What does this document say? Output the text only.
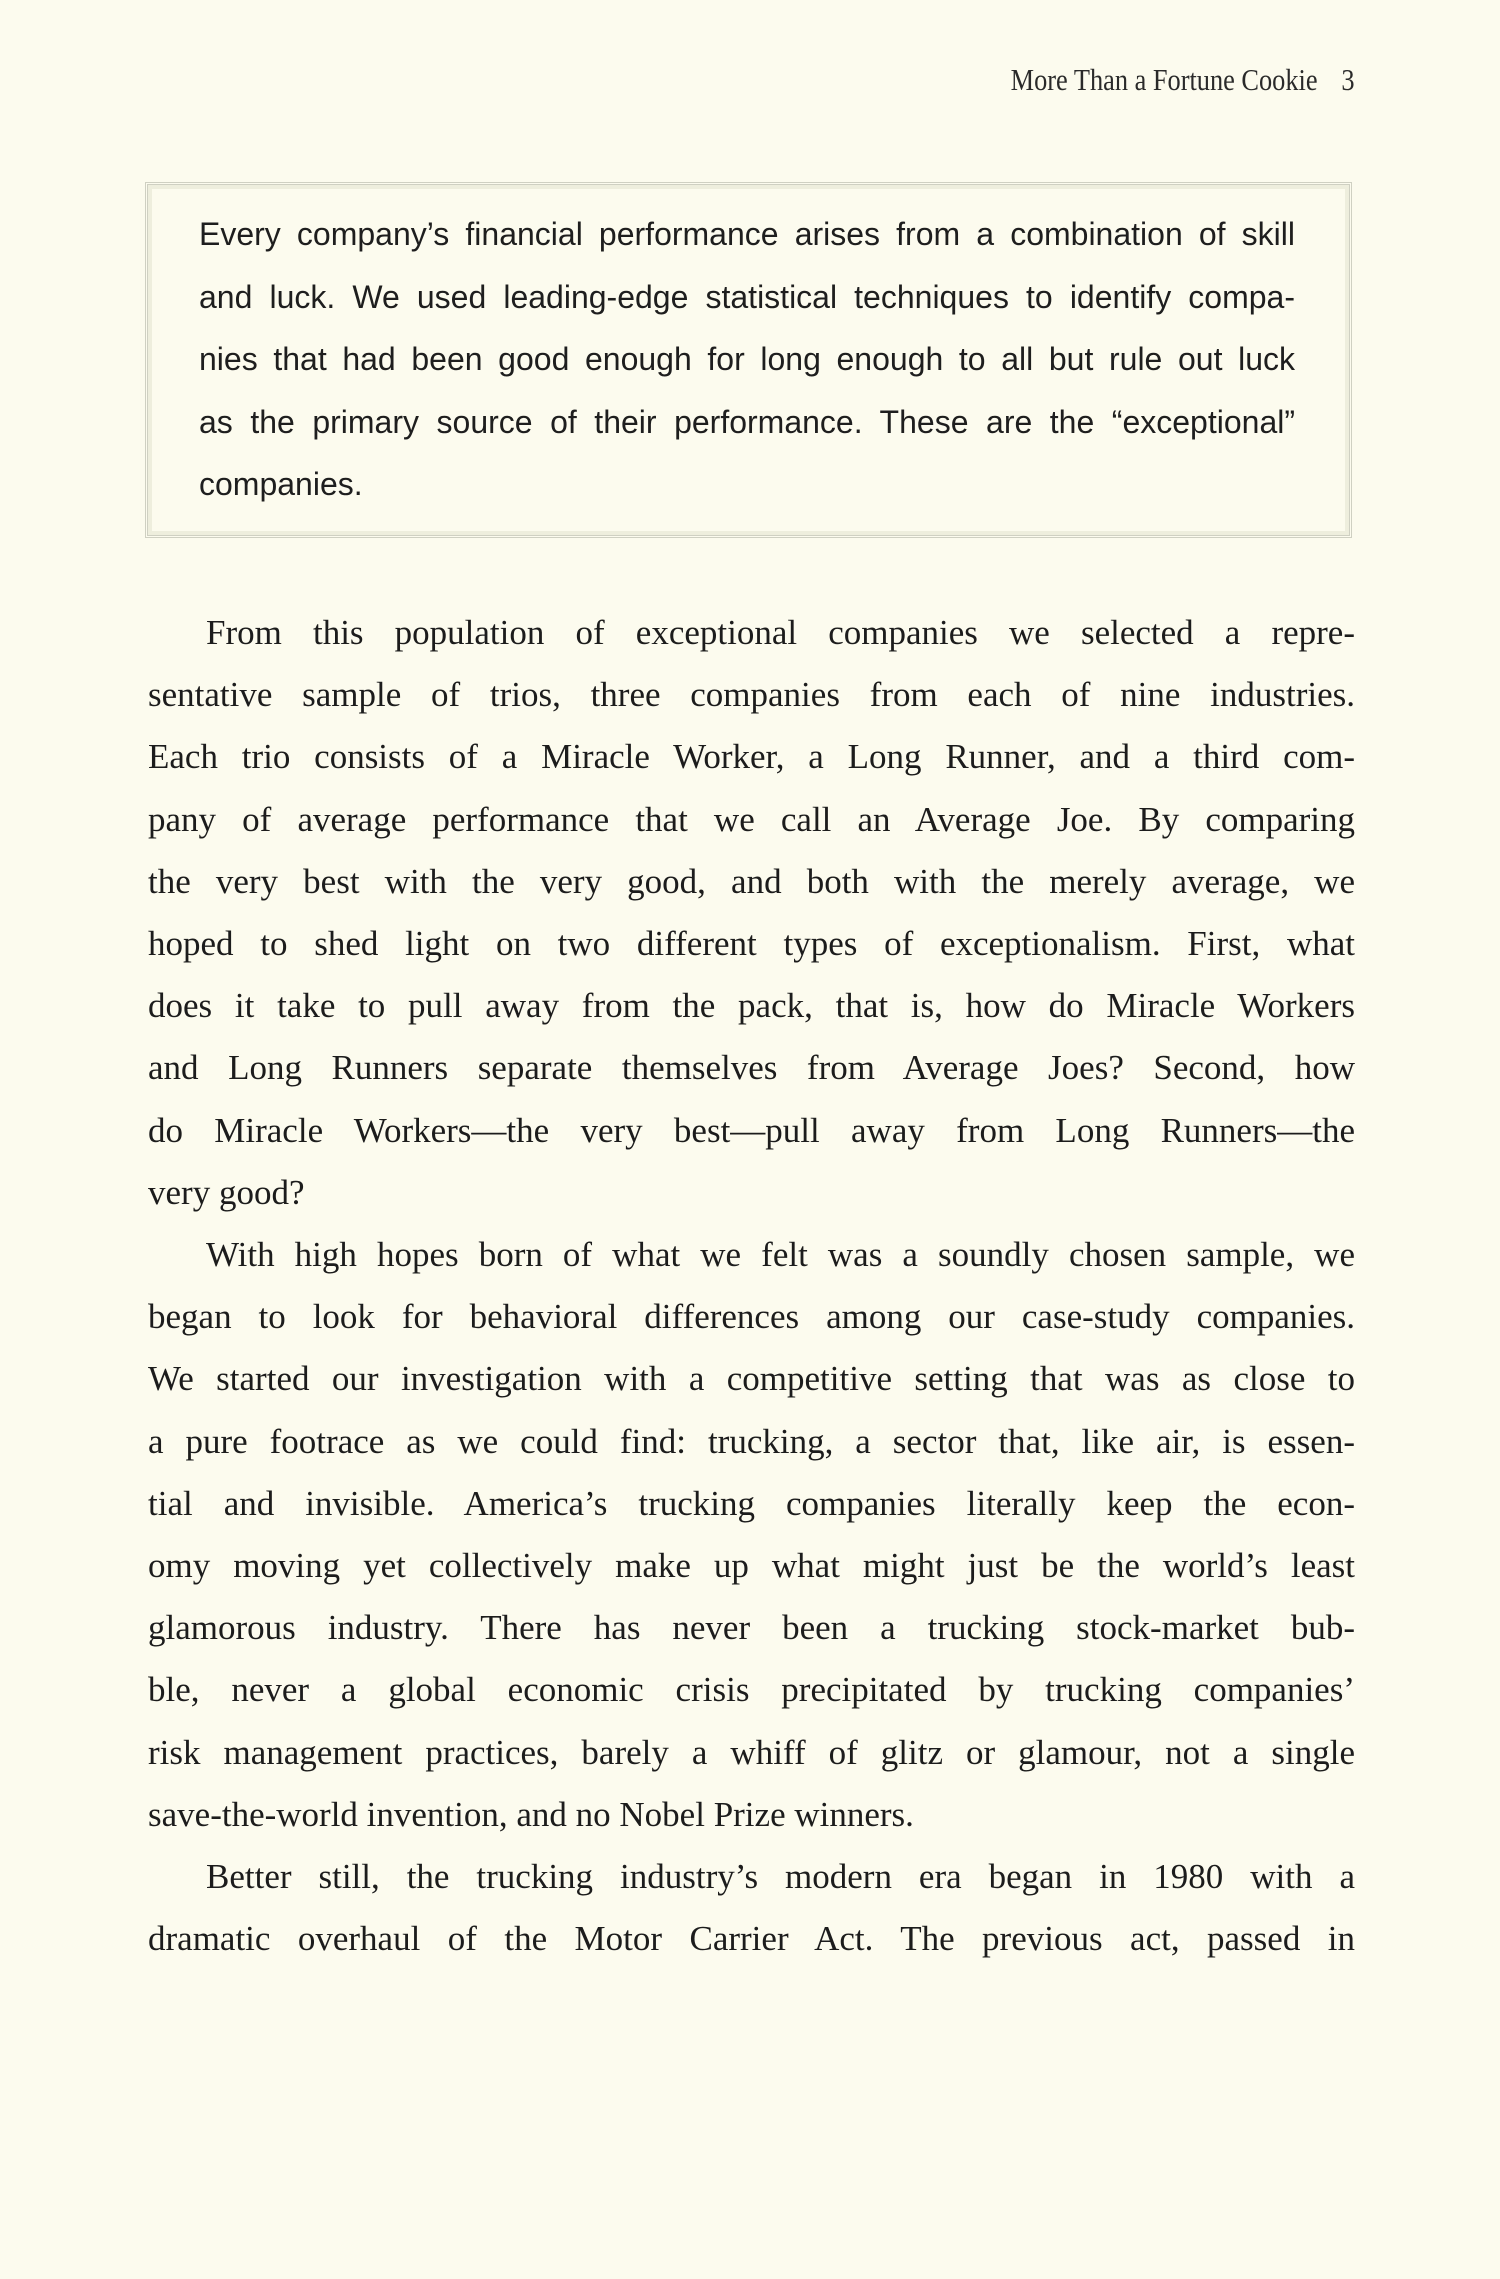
More Than a Fortune Cookie 3
Every company’s financial performance arises from a combination of skill
and luck. We used leading-edge statistical techniques to identify compa-
nies that had been good enough for long enough to all but rule out luck
as the primary source of their performance. These are the “exceptional”
companies.
From this population of exceptional companies we selected a repre-
sentative sample of trios, three companies from each of nine industries.
Each trio consists of a Miracle Worker, a Long Runner, and a third com-
pany of average performance that we call an Average Joe. By comparing
the very best with the very good, and both with the merely average, we
hoped to shed light on two different types of exceptionalism. First, what
does it take to pull away from the pack, that is, how do Miracle Workers
and Long Runners separate themselves from Average Joes? Second, how
do Miracle Workers—the very best—pull away from Long Runners—the
very good?
With high hopes born of what we felt was a soundly chosen sample, we
began to look for behavioral differences among our case-study companies.
We started our investigation with a competitive setting that was as close to
a pure footrace as we could find: trucking, a sector that, like air, is essen-
tial and invisible. America’s trucking companies literally keep the econ-
omy moving yet collectively make up what might just be the world’s least
glamorous industry. There has never been a trucking stock-market bub-
ble, never a global economic crisis precipitated by trucking companies’
risk management practices, barely a whiff of glitz or glamour, not a single
save-the-world invention, and no Nobel Prize winners.
Better still, the trucking industry’s modern era began in 1980 with a
dramatic overhaul of the Motor Carrier Act. The previous act, passed in
